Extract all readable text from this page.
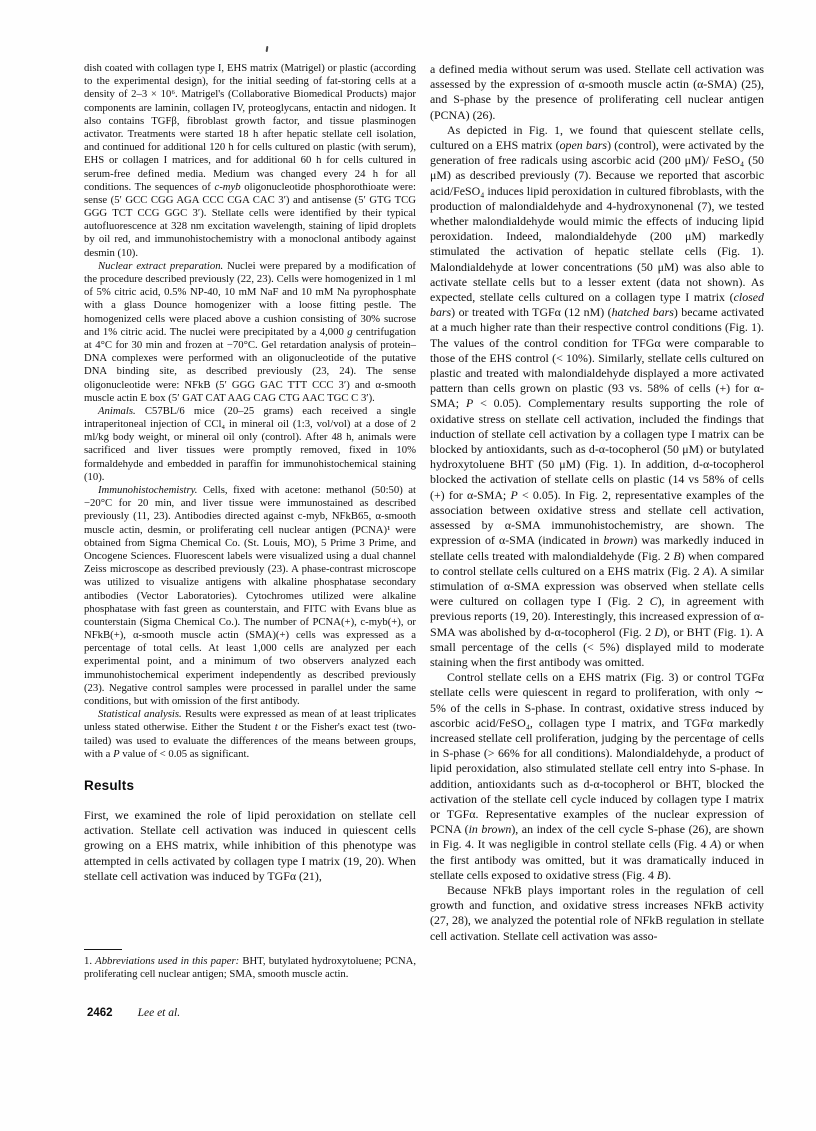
dish coated with collagen type I, EHS matrix (Matrigel) or plastic (according to the experimental design), for the initial seeding of fat-storing cells at a density of 2–3 × 10⁶. Matrigel's (Collaborative Biomedical Products) major components are laminin, collagen IV, proteoglycans, entactin and nidogen. It also contains TGFβ, fibroblast growth factor, and tissue plasminogen activator. Treatments were started 18 h after hepatic stellate cell isolation, and continued for additional 120 h for cells cultured on plastic (with serum), EHS or collagen I matrices, and for additional 60 h for cells cultured in serum-free defined media. Medium was changed every 24 h for all conditions. The sequences of c-myb oligonucleotide phosphorothioate were: sense (5′ GCC CGG AGA CCC CGA CAC 3′) and antisense (5′ GTG TCG GGG TCT CCG GGC 3′). Stellate cells were identified by their typical autofluorescence at 328 nm excitation wavelength, staining of lipid droplets by oil red, and immunohistochemistry with a monoclonal antibody against desmin (10).

Nuclear extract preparation. Nuclei were prepared by a modification of the procedure described previously (22, 23). Cells were homogenized in 1 ml of 5% citric acid, 0.5% NP-40, 10 mM NaF and 10 mM Na pyrophosphate with a glass Dounce homogenizer with a loose fitting pestle. The homogenized cells were placed above a cushion consisting of 30% sucrose and 1% citric acid. The nuclei were precipitated by a 4,000 g centrifugation at 4°C for 30 min and frozen at −70°C. Gel retardation analysis of protein–DNA complexes were performed with an oligonucleotide of the putative DNA binding site, as described previously (23, 24). The sense oligonucleotide were: NFkB (5′ GGG GAC TTT CCC 3′) and α-smooth muscle actin E box (5′ GAT CAT AAG CAG CTG AAC TGC C 3′).

Animals. C57BL/6 mice (20–25 grams) each received a single intraperitoneal injection of CCl₄ in mineral oil (1:3, vol/vol) at a dose of 2 ml/kg body weight, or mineral oil only (control). After 48 h, animals were sacrificed and liver tissues were promptly removed, fixed in 10% formaldehyde and embedded in paraffin for immunohistochemical staining (10).

Immunohistochemistry. Cells, fixed with acetone: methanol (50:50) at −20°C for 20 min, and liver tissue were immunostained as described previously (11, 23). Antibodies directed against c-myb, NFkB65, α-smooth muscle actin, desmin, or proliferating cell nuclear antigen (PCNA)¹ were obtained from Sigma Chemical Co. (St. Louis, MO), 5 Prime 3 Prime, and Oncogene Sciences. Fluorescent labels were visualized using a dual channel Zeiss microscope as described previously (23). A phase-contrast microscope was utilized to visualize antigens with alkaline phosphatase secondary antibodies (Vector Laboratories). Cytochromes utilized were alkaline phosphatase with fast green as counterstain, and FITC with Evans blue as counterstain (Sigma Chemical Co.). The number of PCNA(+), c-myb(+), or NFkB(+), α-smooth muscle actin (SMA)(+) cells was expressed as a percentage of total cells. At least 1,000 cells are analyzed per each experimental point, and a minimum of two observers analyzed each immunohistochemical experiment independently as described previously (23). Negative control samples were processed in parallel under the same conditions, but with omission of the first antibody.

Statistical analysis. Results were expressed as mean of at least triplicates unless stated otherwise. Either the Student t or the Fisher's exact test (two-tailed) was used to evaluate the differences of the means between groups, with a P value of < 0.05 as significant.

Results

First, we examined the role of lipid peroxidation on stellate cell activation. Stellate cell activation was induced in quiescent cells growing on a EHS matrix, while inhibition of this phenotype was attempted in cells activated by collagen type I matrix (19, 20). When stellate cell activation was induced by TGFα (21),

a defined media without serum was used. Stellate cell activation was assessed by the expression of α-smooth muscle actin (α-SMA) (25), and S-phase by the presence of proliferating cell nuclear antigen (PCNA) (26).

As depicted in Fig. 1, we found that quiescent stellate cells, cultured on a EHS matrix (open bars) (control), were activated by the generation of free radicals using ascorbic acid (200 μM)/ FeSO₄ (50 μM) as described previously (7). Because we reported that ascorbic acid/FeSO₄ induces lipid peroxidation in cultured fibroblasts, with the production of malondialdehyde and 4-hydroxynonenal (7), we tested whether malondialdehyde would mimic the effects of inducing lipid peroxidation. Indeed, malondialdehyde (200 μM) markedly stimulated the activation of hepatic stellate cells (Fig. 1). Malondialdehyde at lower concentrations (50 μM) was also able to activate stellate cells but to a lesser extent (data not shown). As expected, stellate cells cultured on a collagen type I matrix (closed bars) or treated with TGFα (12 nM) (hatched bars) became activated at a much higher rate than their respective control conditions (Fig. 1). The values of the control condition for TFGα were comparable to those of the EHS control (< 10%). Similarly, stellate cells cultured on plastic and treated with malondialdehyde displayed a more activated pattern than cells grown on plastic (93 vs. 58% of cells (+) for α-SMA; P < 0.05). Complementary results supporting the role of oxidative stress on stellate cell activation, included the findings that induction of stellate cell activation by a collagen type I matrix can be blocked by antioxidants, such as d-α-tocopherol (50 μM) or butylated hydroxytoluene BHT (50 μM) (Fig. 1). In addition, d-α-tocopherol blocked the activation of stellate cells on plastic (14 vs 58% of cells (+) for α-SMA; P < 0.05). In Fig. 2, representative examples of the association between oxidative stress and stellate cell activation, assessed by α-SMA immunohistochemistry, are shown. The expression of α-SMA (indicated in brown) was markedly induced in stellate cells treated with malondialdehyde (Fig. 2 B) when compared to control stellate cells cultured on a EHS matrix (Fig. 2 A). A similar stimulation of α-SMA expression was observed when stellate cells were cultured on collagen type I (Fig. 2 C), in agreement with previous reports (19, 20). Interestingly, this increased expression of α-SMA was abolished by d-α-tocopherol (Fig. 2 D), or BHT (Fig. 1). A small percentage of the cells (< 5%) displayed mild to moderate staining when the first antibody was omitted.

Control stellate cells on a EHS matrix (Fig. 3) or control TGFα stellate cells were quiescent in regard to proliferation, with only ∼ 5% of the cells in S-phase. In contrast, oxidative stress induced by ascorbic acid/FeSO₄, collagen type I matrix, and TGFα markedly increased stellate cell proliferation, judging by the percentage of cells in S-phase (> 66% for all conditions). Malondialdehyde, a product of lipid peroxidation, also stimulated stellate cell entry into S-phase. In addition, antioxidants such as d-α-tocopherol or BHT, blocked the activation of the stellate cell cycle induced by collagen type I matrix or TGFα. Representative examples of the nuclear expression of PCNA (in brown), an index of the cell cycle S-phase (26), are shown in Fig. 4. It was negligible in control stellate cells (Fig. 4 A) or when the first antibody was omitted, but it was dramatically induced in stellate cells exposed to oxidative stress (Fig. 4 B).

Because NFkB plays important roles in the regulation of cell growth and function, and oxidative stress increases NFkB activity (27, 28), we analyzed the potential role of NFkB regulation in stellate cell activation. Stellate cell activation was asso-

1. Abbreviations used in this paper: BHT, butylated hydroxytoluene; PCNA, proliferating cell nuclear antigen; SMA, smooth muscle actin.

2462 Lee et al.
